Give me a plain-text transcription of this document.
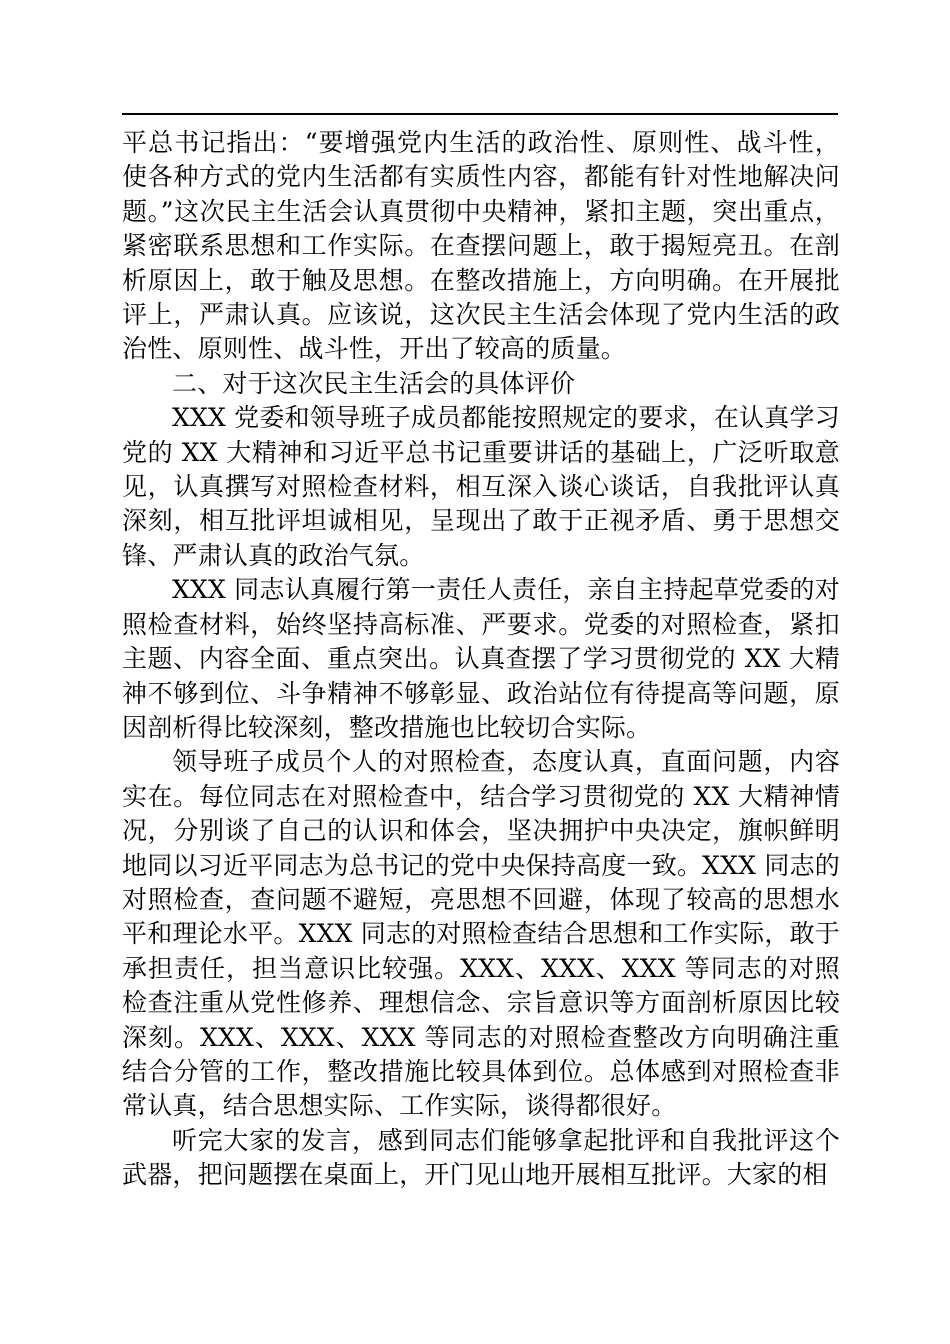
平总书记指出：“要增强党内生活的政治性、原则性、战斗性，使各种方式的党内生活都有实质性内容，都能有针对性地解决问题。”这次民主生活会认真贯彻中央精神，紧扣主题，突出重点，紧密联系思想和工作实际。在查摆问题上，敢于揭短亮丑。在剖析原因上，敢于触及思想。在整改措施上，方向明确。在开展批评上，严肃认真。应该说，这次民主生活会体现了党内生活的政治性、原则性、战斗性，开出了较高的质量。

二、对于这次民主生活会的具体评价

XXX 党委和领导班子成员都能按照规定的要求，在认真学习党的 XX 大精神和习近平总书记重要讲话的基础上，广泛听取意见，认真撰写对照检查材料，相互深入谈心谈话，自我批评认真深刻，相互批评坦诚相见，呈现出了敢于正视矛盾、勇于思想交锋、严肃认真的政治气氛。

XXX 同志认真履行第一责任人责任，亲自主持起草党委的对照检查材料，始终坚持高标准、严要求。党委的对照检查，紧扣主题、内容全面、重点突出。认真查摆了学习贯彻党的 XX 大精神不够到位、斗争精神不够彰显、政治站位有待提高等问题，原因剖析得比较深刻，整改措施也比较切合实际。

领导班子成员个人的对照检查，态度认真，直面问题，内容实在。每位同志在对照检查中，结合学习贯彻党的 XX 大精神情况，分别谈了自己的认识和体会，坚决拥护中央决定，旗帜鲜明地同以习近平同志为总书记的党中央保持高度一致。XXX 同志的对照检查，查问题不避短，亮思想不回避，体现了较高的思想水平和理论水平。XXX 同志的对照检查结合思想和工作实际，敢于承担责任，担当意识比较强。XXX、XXX、XXX 等同志的对照检查注重从党性修养、理想信念、宗旨意识等方面剖析原因比较深刻。XXX、XXX、XXX 等同志的对照检查整改方向明确注重结合分管的工作，整改措施比较具体到位。总体感到对照检查非常认真，结合思想实际、工作实际，谈得都很好。

听完大家的发言，感到同志们能够拿起批评和自我批评这个武器，把问题摆在桌面上，开门见山地开展相互批评。大家的相
